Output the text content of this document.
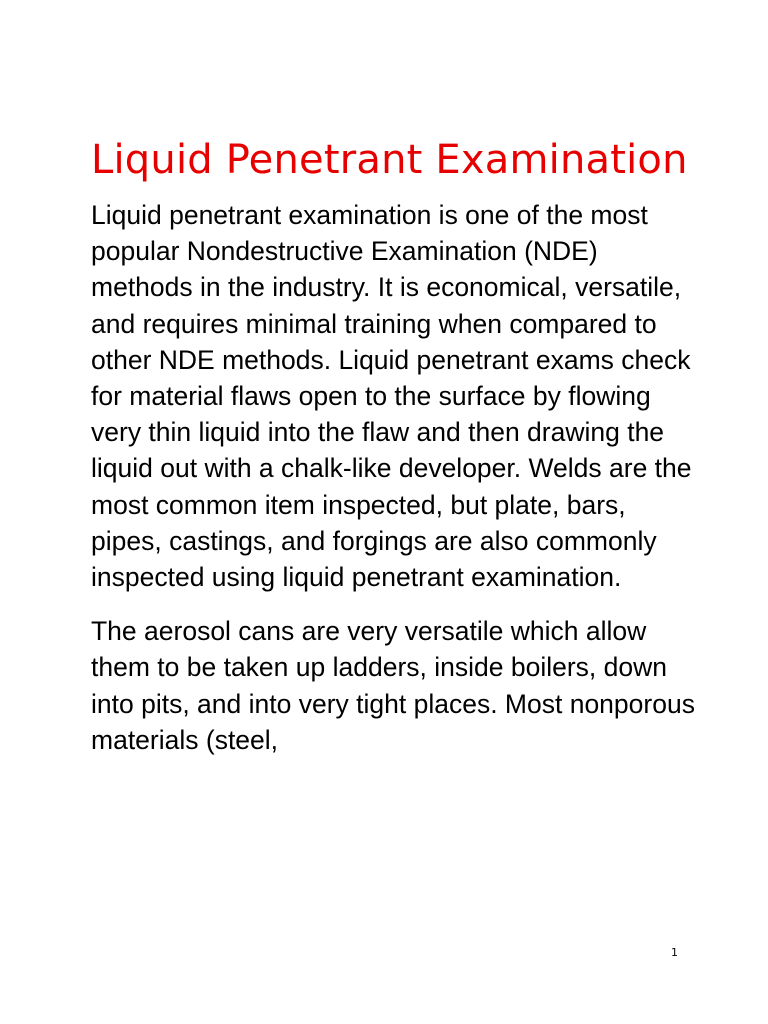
Liquid Penetrant Examination

Liquid penetrant examination is one of the most popular Nondestructive Examination (NDE) methods in the industry. It is economical, versatile, and requires minimal training when compared to other NDE methods. Liquid penetrant exams check for material flaws open to the surface by flowing very thin liquid into the flaw and then drawing the liquid out with a chalk-like developer. Welds are the most common item inspected, but plate, bars, pipes, castings, and forgings are also commonly inspected using liquid penetrant examination.

The aerosol cans are very versatile which allow them to be taken up ladders, inside boilers, down into pits, and into very tight places. Most nonporous materials (steel,

1
